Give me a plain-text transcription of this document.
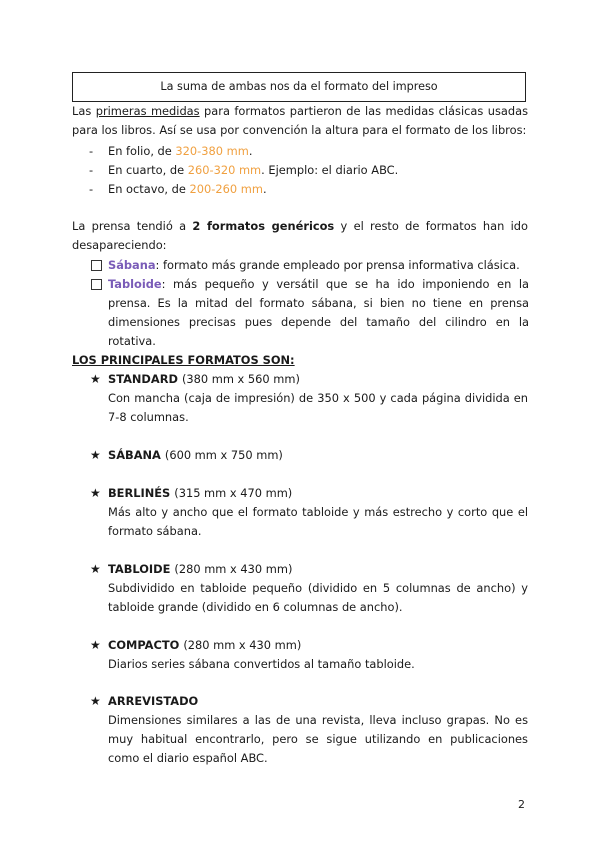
La suma de ambas nos da el formato del impreso
Las primeras medidas para formatos partieron de las medidas clásicas usadas para los libros. Así se usa por convención la altura para el formato de los libros:
- En folio, de 320-380 mm.
- En cuarto, de 260-320 mm. Ejemplo: el diario ABC.
- En octavo, de 200-260 mm.
La prensa tendió a 2 formatos genéricos y el resto de formatos han ido desapareciendo:
Sábana: formato más grande empleado por prensa informativa clásica.
Tabloide: más pequeño y versátil que se ha ido imponiendo en la prensa. Es la mitad del formato sábana, si bien no tiene en prensa dimensiones precisas pues depende del tamaño del cilindro en la rotativa.
LOS PRINCIPALES FORMATOS SON:
★ STANDARD (380 mm x 560 mm)
Con mancha (caja de impresión) de 350 x 500 y cada página dividida en 7-8 columnas.
★ SÁBANA (600 mm x 750 mm)
★ BERLINÉS (315 mm x 470 mm)
Más alto y ancho que el formato tabloide y más estrecho y corto que el formato sábana.
★ TABLOIDE (280 mm x 430 mm)
Subdividido en tabloide pequeño (dividido en 5 columnas de ancho) y tabloide grande (dividido en 6 columnas de ancho).
★ COMPACTO (280 mm x 430 mm)
Diarios series sábana convertidos al tamaño tabloide.
★ ARREVISTADO
Dimensiones similares a las de una revista, lleva incluso grapas. No es muy habitual encontrarlo, pero se sigue utilizando en publicaciones como el diario español ABC.
2
